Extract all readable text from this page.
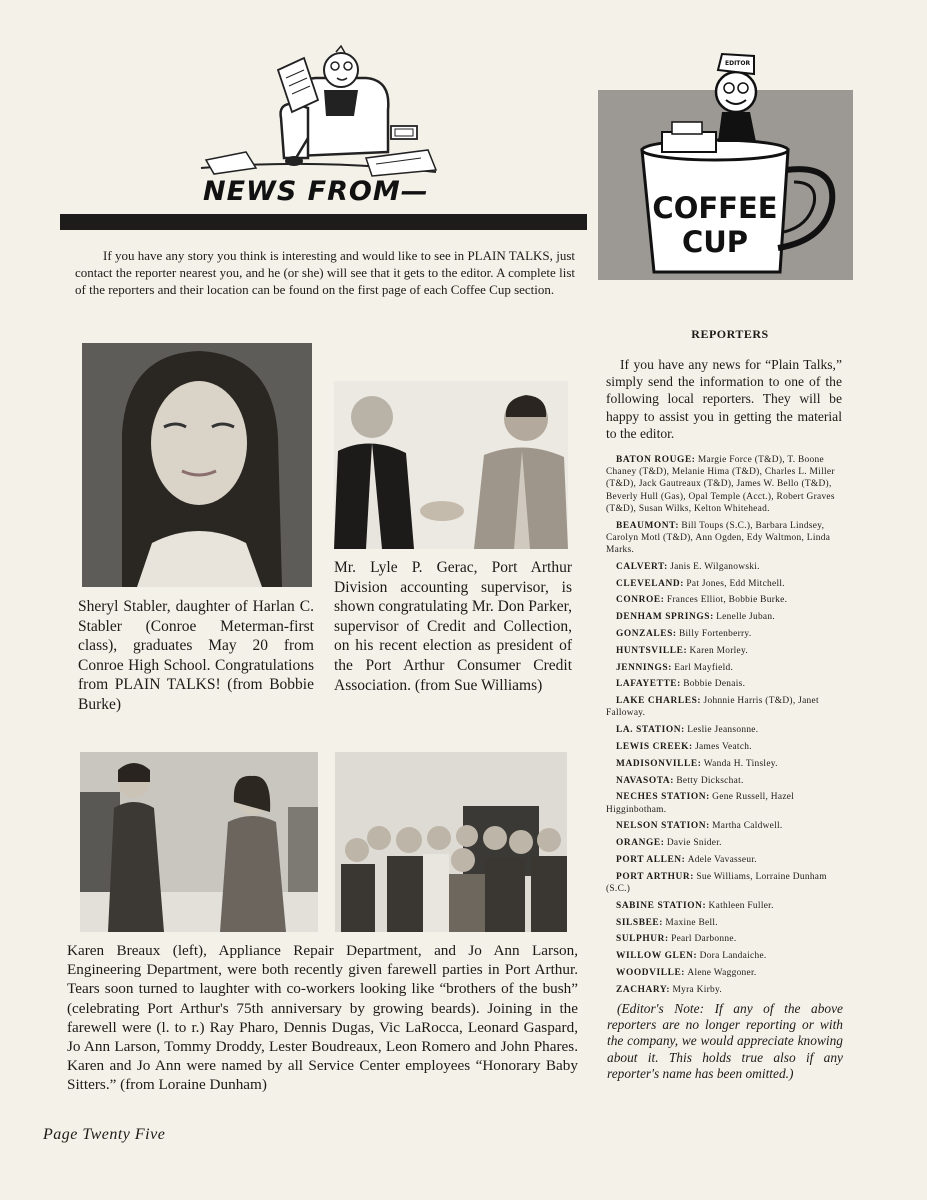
NEWS FROM—
EDITOR
COFFEE
CUP
If you have any story you think is interesting and would like to see in PLAIN TALKS, just contact the reporter nearest you, and he (or she) will see that it gets to the editor. A complete list of the reporters and their location can be found on the first page of each Coffee Cup section.
Sheryl Stabler, daughter of Harlan C. Stabler (Conroe Meterman-first class), graduates May 20 from Conroe High School. Congratulations from PLAIN TALKS! (from Bobbie Burke)
Mr. Lyle P. Gerac, Port Arthur Division accounting supervisor, is shown congratulating Mr. Don Parker, supervisor of Credit and Collection, on his recent election as president of the Port Arthur Consumer Credit Association. (from Sue Williams)
Karen Breaux (left), Appliance Repair Department, and Jo Ann Larson, Engineering Department, were both recently given farewell parties in Port Arthur. Tears soon turned to laughter with co-workers looking like “brothers of the bush” (celebrating Port Arthur's 75th anniversary by growing beards). Joining in the farewell were (l. to r.) Ray Pharo, Dennis Dugas, Vic LaRocca, Leonard Gaspard, Jo Ann Larson, Tommy Droddy, Lester Boudreaux, Leon Romero and John Phares. Karen and Jo Ann were named by all Service Center employees “Honorary Baby Sitters.” (from Loraine Dunham)
REPORTERS
If you have any news for “Plain Talks,” simply send the information to one of the following local reporters. They will be happy to assist you in getting the material to the editor.
BATON ROUGE: Margie Force (T&D), T. Boone Chaney (T&D), Melanie Hima (T&D), Charles L. Miller (T&D), Jack Gautreaux (T&D), James W. Bello (T&D), Beverly Hull (Gas), Opal Temple (Acct.), Robert Graves (T&D), Susan Wilks, Kelton Whitehead.
BEAUMONT: Bill Toups (S.C.), Barbara Lindsey, Carolyn Motl (T&D), Ann Ogden, Edy Waltmon, Linda Marks.
CALVERT: Janis E. Wilganowski.
CLEVELAND: Pat Jones, Edd Mitchell.
CONROE: Frances Elliot, Bobbie Burke.
DENHAM SPRINGS: Lenelle Juban.
GONZALES: Billy Fortenberry.
HUNTSVILLE: Karen Morley.
JENNINGS: Earl Mayfield.
LAFAYETTE: Bobbie Denais.
LAKE CHARLES: Johnnie Harris (T&D), Janet Falloway.
LA. STATION: Leslie Jeansonne.
LEWIS CREEK: James Veatch.
MADISONVILLE: Wanda H. Tinsley.
NAVASOTA: Betty Dickschat.
NECHES STATION: Gene Russell, Hazel Higginbotham.
NELSON STATION: Martha Caldwell.
ORANGE: Davie Snider.
PORT ALLEN: Adele Vavasseur.
PORT ARTHUR: Sue Williams, Lorraine Dunham (S.C.)
SABINE STATION: Kathleen Fuller.
SILSBEE: Maxine Bell.
SULPHUR: Pearl Darbonne.
WILLOW GLEN: Dora Landaiche.
WOODVILLE: Alene Waggoner.
ZACHARY: Myra Kirby.
(Editor's Note: If any of the above reporters are no longer reporting or with the company, we would appreciate knowing about it. This holds true also if any reporter's name has been omitted.)
Page Twenty Five
